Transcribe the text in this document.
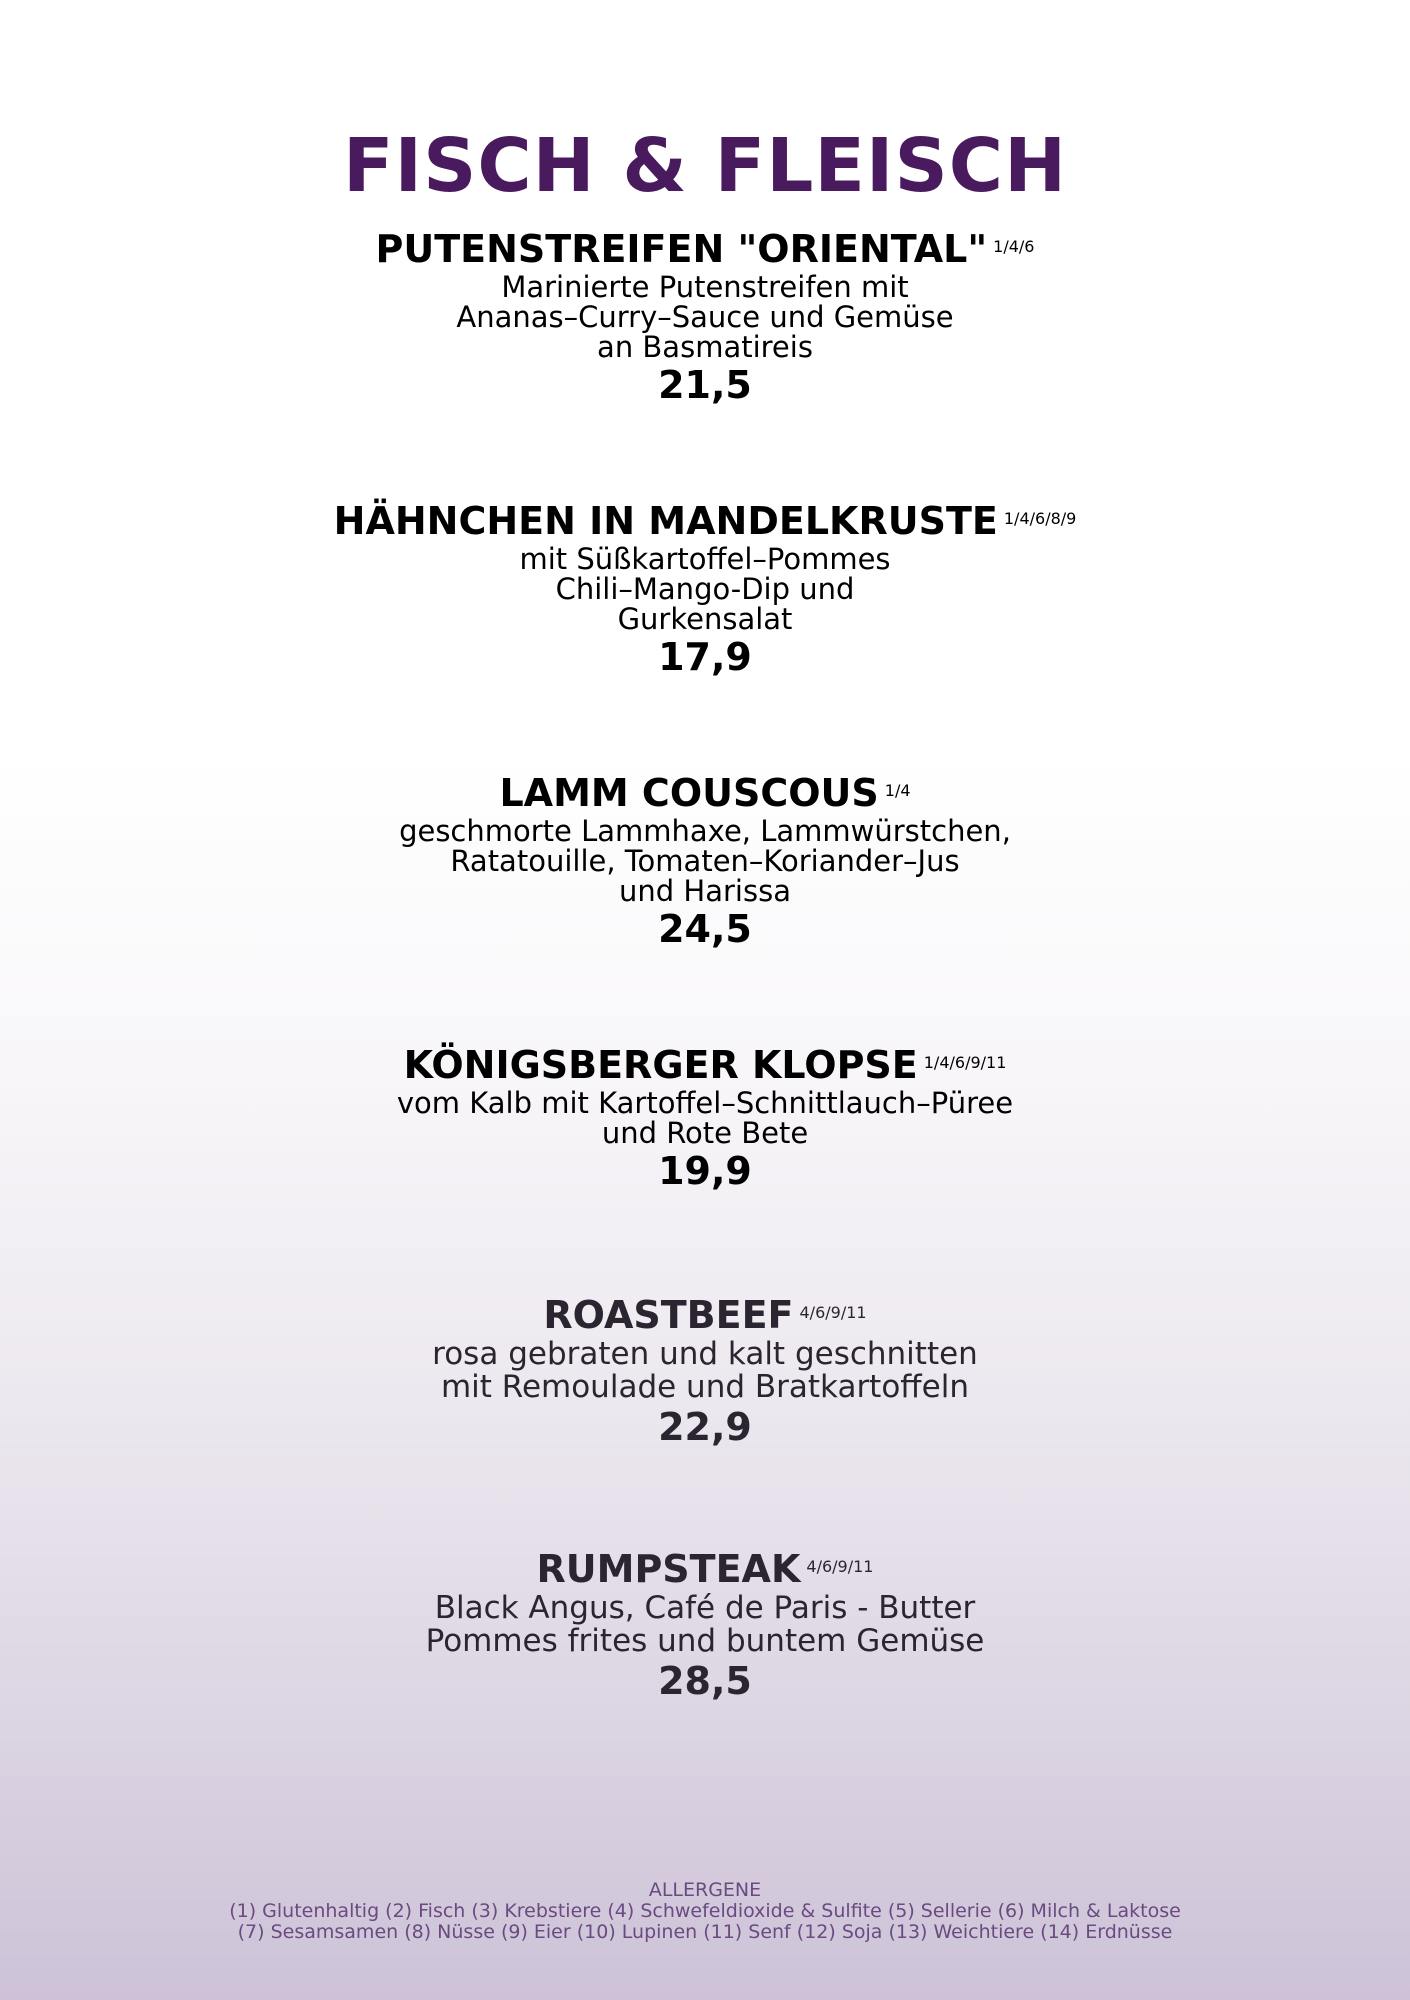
FISCH & FLEISCH
PUTENSTREIFEN "ORIENTAL" $^{1/4/6}$
Marinierte Putenstreifen mit
Ananas–Curry–Sauce und Gemüse
an Basmatireis
21,5
HÄHNCHEN IN MANDELKRUSTE $^{1/4/6/8/9}$
mit Süßkartoffel–Pommes
Chili–Mango-Dip und
Gurkensalat
17,9
LAMM COUSCOUS $^{1/4}$
geschmorte Lammhaxe, Lammwürstchen,
Ratatouille, Tomaten–Koriander–Jus
und Harissa
24,5
KÖNIGSBERGER KLOPSE $^{1/4/6/9/11}$
vom Kalb mit Kartoffel–Schnittlauch–Püree
und Rote Bete
19,9
ROASTBEEF $^{4/6/9/11}$
rosa gebraten und kalt geschnitten
mit Remoulade und Bratkartoffeln
22,9
RUMPSTEAK $^{4/6/9/11}$
Black Angus, Café de Paris - Butter
Pommes frites und buntem Gemüse
28,5
ALLERGENE
(1) Glutenhaltig (2) Fisch (3) Krebstiere (4) Schwefeldioxide & Sulfite (5) Sellerie (6) Milch & Laktose
(7) Sesamsamen (8) Nüsse (9) Eier (10) Lupinen (11) Senf (12) Soja (13) Weichtiere (14) Erdnüsse
